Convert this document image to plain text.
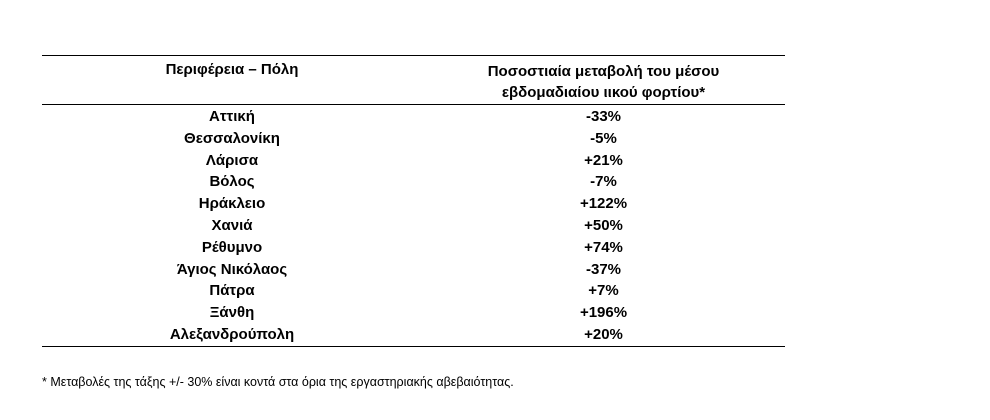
Περιφέρεια – Πόλη	Ποσοστιαία μεταβολή του μέσου
εβδομαδιαίου ιικού φορτίου*
Αττική	-33%
Θεσσαλονίκη	-5%
Λάρισα	+21%
Βόλος	-7%
Ηράκλειο	+122%
Χανιά	+50%
Ρέθυμνο	+74%
Άγιος Νικόλαος	-37%
Πάτρα	+7%
Ξάνθη	+196%
Αλεξανδρούπολη	+20%
* Μεταβολές της τάξης +/- 30% είναι κοντά στα όρια της εργαστηριακής αβεβαιότητας.
